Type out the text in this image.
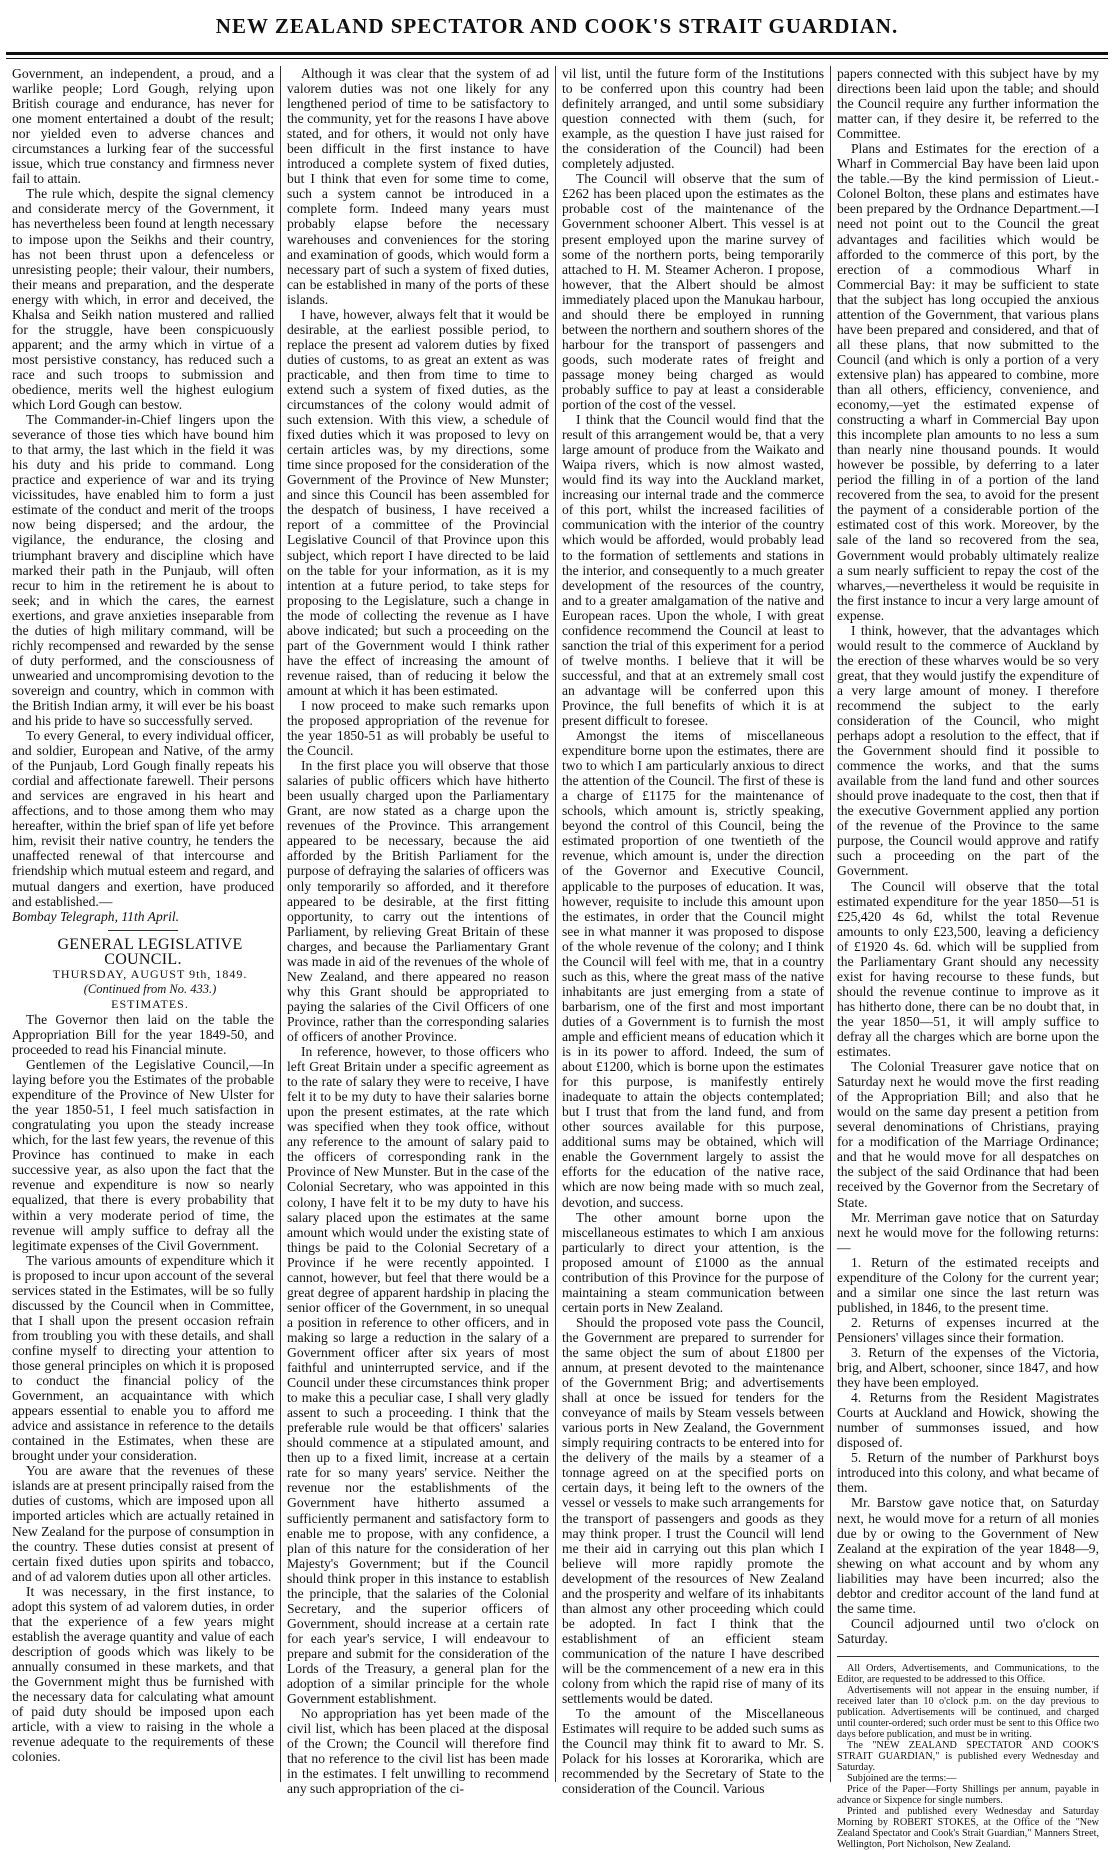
NEW ZEALAND SPECTATOR AND COOK'S STRAIT GUARDIAN.

Government, an independent, a proud, and a warlike people; Lord Gough, relying upon British courage and endurance, has never for one moment entertained a doubt of the result; nor yielded even to adverse chances and circumstances a lurking fear of the successful issue, which true constancy and firmness never fail to attain.

The rule which, despite the signal clemency and considerate mercy of the Government, it has nevertheless been found at length necessary to impose upon the Seikhs and their country, has not been thrust upon a defenceless or unresisting people; their valour, their numbers, their means and preparation, and the desperate energy with which, in error and deceived, the Khalsa and Seikh nation mustered and rallied for the struggle, have been conspicuously apparent; and the army which in virtue of a most persistive constancy, has reduced such a race and such troops to submission and obedience, merits well the highest eulogium which Lord Gough can bestow.

The Commander-in-Chief lingers upon the severance of those ties which have bound him to that army, the last which in the field it was his duty and his pride to command. Long practice and experience of war and its trying vicissitudes, have enabled him to form a just estimate of the conduct and merit of the troops now being dispersed; and the ardour, the vigilance, the endurance, the closing and triumphant bravery and discipline which have marked their path in the Punjaub, will often recur to him in the retirement he is about to seek; and in which the cares, the earnest exertions, and grave anxieties inseparable from the duties of high military command, will be richly recompensed and rewarded by the sense of duty performed, and the consciousness of unwearied and uncompromising devotion to the sovereign and country, which in common with the British Indian army, it will ever be his boast and his pride to have so successfully served.

To every General, to every individual officer, and soldier, European and Native, of the army of the Punjaub, Lord Gough finally repeats his cordial and affectionate farewell. Their persons and services are engraved in his heart and affections, and to those among them who may hereafter, within the brief span of life yet before him, revisit their native country, he tenders the unaffected renewal of that intercourse and friendship which mutual esteem and regard, and mutual dangers and exertion, have produced and established.—

Bombay Telegraph, 11th April.

GENERAL LEGISLATIVE COUNCIL.

THURSDAY, AUGUST 9th, 1849.

(Continued from No. 433.)

ESTIMATES.

The Governor then laid on the table the Appropriation Bill for the year 1849-50, and proceeded to read his Financial minute.

Gentlemen of the Legislative Council,—In laying before you the Estimates of the probable expenditure of the Province of New Ulster for the year 1850-51, I feel much satisfaction in congratulating you upon the steady increase which, for the last few years, the revenue of this Province has continued to make in each successive year, as also upon the fact that the revenue and expenditure is now so nearly equalized, that there is every probability that within a very moderate period of time, the revenue will amply suffice to defray all the legitimate expenses of the Civil Government.

The various amounts of expenditure which it is proposed to incur upon account of the several services stated in the Estimates, will be so fully discussed by the Council when in Committee, that I shall upon the present occasion refrain from troubling you with these details, and shall confine myself to directing your attention to those general principles on which it is proposed to conduct the financial policy of the Government, an acquaintance with which appears essential to enable you to afford me advice and assistance in reference to the details contained in the Estimates, when these are brought under your consideration.

You are aware that the revenues of these islands are at present principally raised from the duties of customs, which are imposed upon all imported articles which are actually retained in New Zealand for the purpose of consumption in the country. These duties consist at present of certain fixed duties upon spirits and tobacco, and of ad valorem duties upon all other articles.

It was necessary, in the first instance, to adopt this system of ad valorem duties, in order that the experience of a few years might establish the average quantity and value of each description of goods which was likely to be annually consumed in these markets, and that the Government might thus be furnished with the necessary data for calculating what amount of paid duty should be imposed upon each article, with a view to raising in the whole a revenue adequate to the requirements of these colonies.

Although it was clear that the system of ad valorem duties was not one likely for any lengthened period of time to be satisfactory to the community, yet for the reasons I have above stated, and for others, it would not only have been difficult in the first instance to have introduced a complete system of fixed duties, but I think that even for some time to come, such a system cannot be introduced in a complete form. Indeed many years must probably elapse before the necessary warehouses and conveniences for the storing and examination of goods, which would form a necessary part of such a system of fixed duties, can be established in many of the ports of these islands.

I have, however, always felt that it would be desirable, at the earliest possible period, to replace the present ad valorem duties by fixed duties of customs, to as great an extent as was practicable, and then from time to time to extend such a system of fixed duties, as the circumstances of the colony would admit of such extension. With this view, a schedule of fixed duties which it was proposed to levy on certain articles was, by my directions, some time since proposed for the consideration of the Government of the Province of New Munster; and since this Council has been assembled for the despatch of business, I have received a report of a committee of the Provincial Legislative Council of that Province upon this subject, which report I have directed to be laid on the table for your information, as it is my intention at a future period, to take steps for proposing to the Legislature, such a change in the mode of collecting the revenue as I have above indicated; but such a proceeding on the part of the Government would I think rather have the effect of increasing the amount of revenue raised, than of reducing it below the amount at which it has been estimated.

I now proceed to make such remarks upon the proposed appropriation of the revenue for the year 1850-51 as will probably be useful to the Council.

In the first place you will observe that those salaries of public officers which have hitherto been usually charged upon the Parliamentary Grant, are now stated as a charge upon the revenues of the Province. This arrangement appeared to be necessary, because the aid afforded by the British Parliament for the purpose of defraying the salaries of officers was only temporarily so afforded, and it therefore appeared to be desirable, at the first fitting opportunity, to carry out the intentions of Parliament, by relieving Great Britain of these charges, and because the Parliamentary Grant was made in aid of the revenues of the whole of New Zealand, and there appeared no reason why this Grant should be appropriated to paying the salaries of the Civil Officers of one Province, rather than the corresponding salaries of officers of another Province.

In reference, however, to those officers who left Great Britain under a specific agreement as to the rate of salary they were to receive, I have felt it to be my duty to have their salaries borne upon the present estimates, at the rate which was specified when they took office, without any reference to the amount of salary paid to the officers of corresponding rank in the Province of New Munster. But in the case of the Colonial Secretary, who was appointed in this colony, I have felt it to be my duty to have his salary placed upon the estimates at the same amount which would under the existing state of things be paid to the Colonial Secretary of a Province if he were recently appointed. I cannot, however, but feel that there would be a great degree of apparent hardship in placing the senior officer of the Government, in so unequal a position in reference to other officers, and in making so large a reduction in the salary of a Government officer after six years of most faithful and uninterrupted service, and if the Council under these circumstances think proper to make this a peculiar case, I shall very gladly assent to such a proceeding. I think that the preferable rule would be that officers' salaries should commence at a stipulated amount, and then up to a fixed limit, increase at a certain rate for so many years' service. Neither the revenue nor the establishments of the Government have hitherto assumed a sufficiently permanent and satisfactory form to enable me to propose, with any confidence, a plan of this nature for the consideration of her Majesty's Government; but if the Council should think proper in this instance to establish the principle, that the salaries of the Colonial Secretary, and the superior officers of Government, should increase at a certain rate for each year's service, I will endeavour to prepare and submit for the consideration of the Lords of the Treasury, a general plan for the adoption of a similar principle for the whole Government establishment.

No appropriation has yet been made of the civil list, which has been placed at the disposal of the Crown; the Council will therefore find that no reference to the civil list has been made in the estimates. I felt unwilling to recommend any such appropriation of the ci-

vil list, until the future form of the Institutions to be conferred upon this country had been definitely arranged, and until some subsidiary question connected with them (such, for example, as the question I have just raised for the consideration of the Council) had been completely adjusted.

The Council will observe that the sum of £262 has been placed upon the estimates as the probable cost of the maintenance of the Government schooner Albert. This vessel is at present employed upon the marine survey of some of the northern ports, being temporarily attached to H. M. Steamer Acheron. I propose, however, that the Albert should be almost immediately placed upon the Manukau harbour, and should there be employed in running between the northern and southern shores of the harbour for the transport of passengers and goods, such moderate rates of freight and passage money being charged as would probably suffice to pay at least a considerable portion of the cost of the vessel.

I think that the Council would find that the result of this arrangement would be, that a very large amount of produce from the Waikato and Waipa rivers, which is now almost wasted, would find its way into the Auckland market, increasing our internal trade and the commerce of this port, whilst the increased facilities of communication with the interior of the country which would be afforded, would probably lead to the formation of settlements and stations in the interior, and consequently to a much greater development of the resources of the country, and to a greater amalgamation of the native and European races. Upon the whole, I with great confidence recommend the Council at least to sanction the trial of this experiment for a period of twelve months. I believe that it will be successful, and that at an extremely small cost an advantage will be conferred upon this Province, the full benefits of which it is at present difficult to foresee.

Amongst the items of miscellaneous expenditure borne upon the estimates, there are two to which I am particularly anxious to direct the attention of the Council. The first of these is a charge of £1175 for the maintenance of schools, which amount is, strictly speaking, beyond the control of this Council, being the estimated proportion of one twentieth of the revenue, which amount is, under the direction of the Governor and Executive Council, applicable to the purposes of education. It was, however, requisite to include this amount upon the estimates, in order that the Council might see in what manner it was proposed to dispose of the whole revenue of the colony; and I think the Council will feel with me, that in a country such as this, where the great mass of the native inhabitants are just emerging from a state of barbarism, one of the first and most important duties of a Government is to furnish the most ample and efficient means of education which it is in its power to afford. Indeed, the sum of about £1200, which is borne upon the estimates for this purpose, is manifestly entirely inadequate to attain the objects contemplated; but I trust that from the land fund, and from other sources available for this purpose, additional sums may be obtained, which will enable the Government largely to assist the efforts for the education of the native race, which are now being made with so much zeal, devotion, and success.

The other amount borne upon the miscellaneous estimates to which I am anxious particularly to direct your attention, is the proposed amount of £1000 as the annual contribution of this Province for the purpose of maintaining a steam communication between certain ports in New Zealand.

Should the proposed vote pass the Council, the Government are prepared to surrender for the same object the sum of about £1800 per annum, at present devoted to the maintenance of the Government Brig; and advertisements shall at once be issued for tenders for the conveyance of mails by Steam vessels between various ports in New Zealand, the Government simply requiring contracts to be entered into for the delivery of the mails by a steamer of a tonnage agreed on at the specified ports on certain days, it being left to the owners of the vessel or vessels to make such arrangements for the transport of passengers and goods as they may think proper. I trust the Council will lend me their aid in carrying out this plan which I believe will more rapidly promote the development of the resources of New Zealand and the prosperity and welfare of its inhabitants than almost any other proceeding which could be adopted. In fact I think that the establishment of an efficient steam communication of the nature I have described will be the commencement of a new era in this colony from which the rapid rise of many of its settlements would be dated.

To the amount of the Miscellaneous Estimates will require to be added such sums as the Council may think fit to award to Mr. S. Polack for his losses at Kororarika, which are recommended by the Secretary of State to the consideration of the Council. Various

papers connected with this subject have by my directions been laid upon the table; and should the Council require any further information the matter can, if they desire it, be referred to the Committee.

Plans and Estimates for the erection of a Wharf in Commercial Bay have been laid upon the table.—By the kind permission of Lieut.-Colonel Bolton, these plans and estimates have been prepared by the Ordnance Department.—I need not point out to the Council the great advantages and facilities which would be afforded to the commerce of this port, by the erection of a commodious Wharf in Commercial Bay: it may be sufficient to state that the subject has long occupied the anxious attention of the Government, that various plans have been prepared and considered, and that of all these plans, that now submitted to the Council (and which is only a portion of a very extensive plan) has appeared to combine, more than all others, efficiency, convenience, and economy,—yet the estimated expense of constructing a wharf in Commercial Bay upon this incomplete plan amounts to no less a sum than nearly nine thousand pounds. It would however be possible, by deferring to a later period the filling in of a portion of the land recovered from the sea, to avoid for the present the payment of a considerable portion of the estimated cost of this work. Moreover, by the sale of the land so recovered from the sea, Government would probably ultimately realize a sum nearly sufficient to repay the cost of the wharves,—nevertheless it would be requisite in the first instance to incur a very large amount of expense.

I think, however, that the advantages which would result to the commerce of Auckland by the erection of these wharves would be so very great, that they would justify the expenditure of a very large amount of money. I therefore recommend the subject to the early consideration of the Council, who might perhaps adopt a resolution to the effect, that if the Government should find it possible to commence the works, and that the sums available from the land fund and other sources should prove inadequate to the cost, then that if the executive Government applied any portion of the revenue of the Province to the same purpose, the Council would approve and ratify such a proceeding on the part of the Government.

The Council will observe that the total estimated expenditure for the year 1850—51 is £25,420 4s 6d, whilst the total Revenue amounts to only £23,500, leaving a deficiency of £1920 4s. 6d. which will be supplied from the Parliamentary Grant should any necessity exist for having recourse to these funds, but should the revenue continue to improve as it has hitherto done, there can be no doubt that, in the year 1850—51, it will amply suffice to defray all the charges which are borne upon the estimates.

The Colonial Treasurer gave notice that on Saturday next he would move the first reading of the Appropriation Bill; and also that he would on the same day present a petition from several denominations of Christians, praying for a modification of the Marriage Ordinance; and that he would move for all despatches on the subject of the said Ordinance that had been received by the Governor from the Secretary of State.

Mr. Merriman gave notice that on Saturday next he would move for the following returns:—

1. Return of the estimated receipts and expenditure of the Colony for the current year; and a similar one since the last return was published, in 1846, to the present time.

2. Returns of expenses incurred at the Pensioners' villages since their formation.

3. Return of the expenses of the Victoria, brig, and Albert, schooner, since 1847, and how they have been employed.

4. Returns from the Resident Magistrates Courts at Auckland and Howick, showing the number of summonses issued, and how disposed of.

5. Return of the number of Parkhurst boys introduced into this colony, and what became of them.

Mr. Barstow gave notice that, on Saturday next, he would move for a return of all monies due by or owing to the Government of New Zealand at the expiration of the year 1848—9, shewing on what account and by whom any liabilities may have been incurred; also the debtor and creditor account of the land fund at the same time.

Council adjourned until two o'clock on Saturday.

All Orders, Advertisements, and Communications, to the Editor, are requested to be addressed to this Office.

Advertisements will not appear in the ensuing number, if received later than 10 o'clock p.m. on the day previous to publication. Advertisements will be continued, and charged until counter-ordered; such order must be sent to this Office two days before publication, and must be in writing.

The "NEW ZEALAND SPECTATOR AND COOK'S STRAIT GUARDIAN," is published every Wednesday and Saturday.

Subjoined are the terms:—

Price of the Paper—Forty Shillings per annum, payable in advance or Sixpence for single numbers.

Printed and published every Wednesday and Saturday Morning by ROBERT STOKES, at the Office of the "New Zealand Spectator and Cook's Strait Guardian," Manners Street, Wellington, Port Nicholson, New Zealand.
